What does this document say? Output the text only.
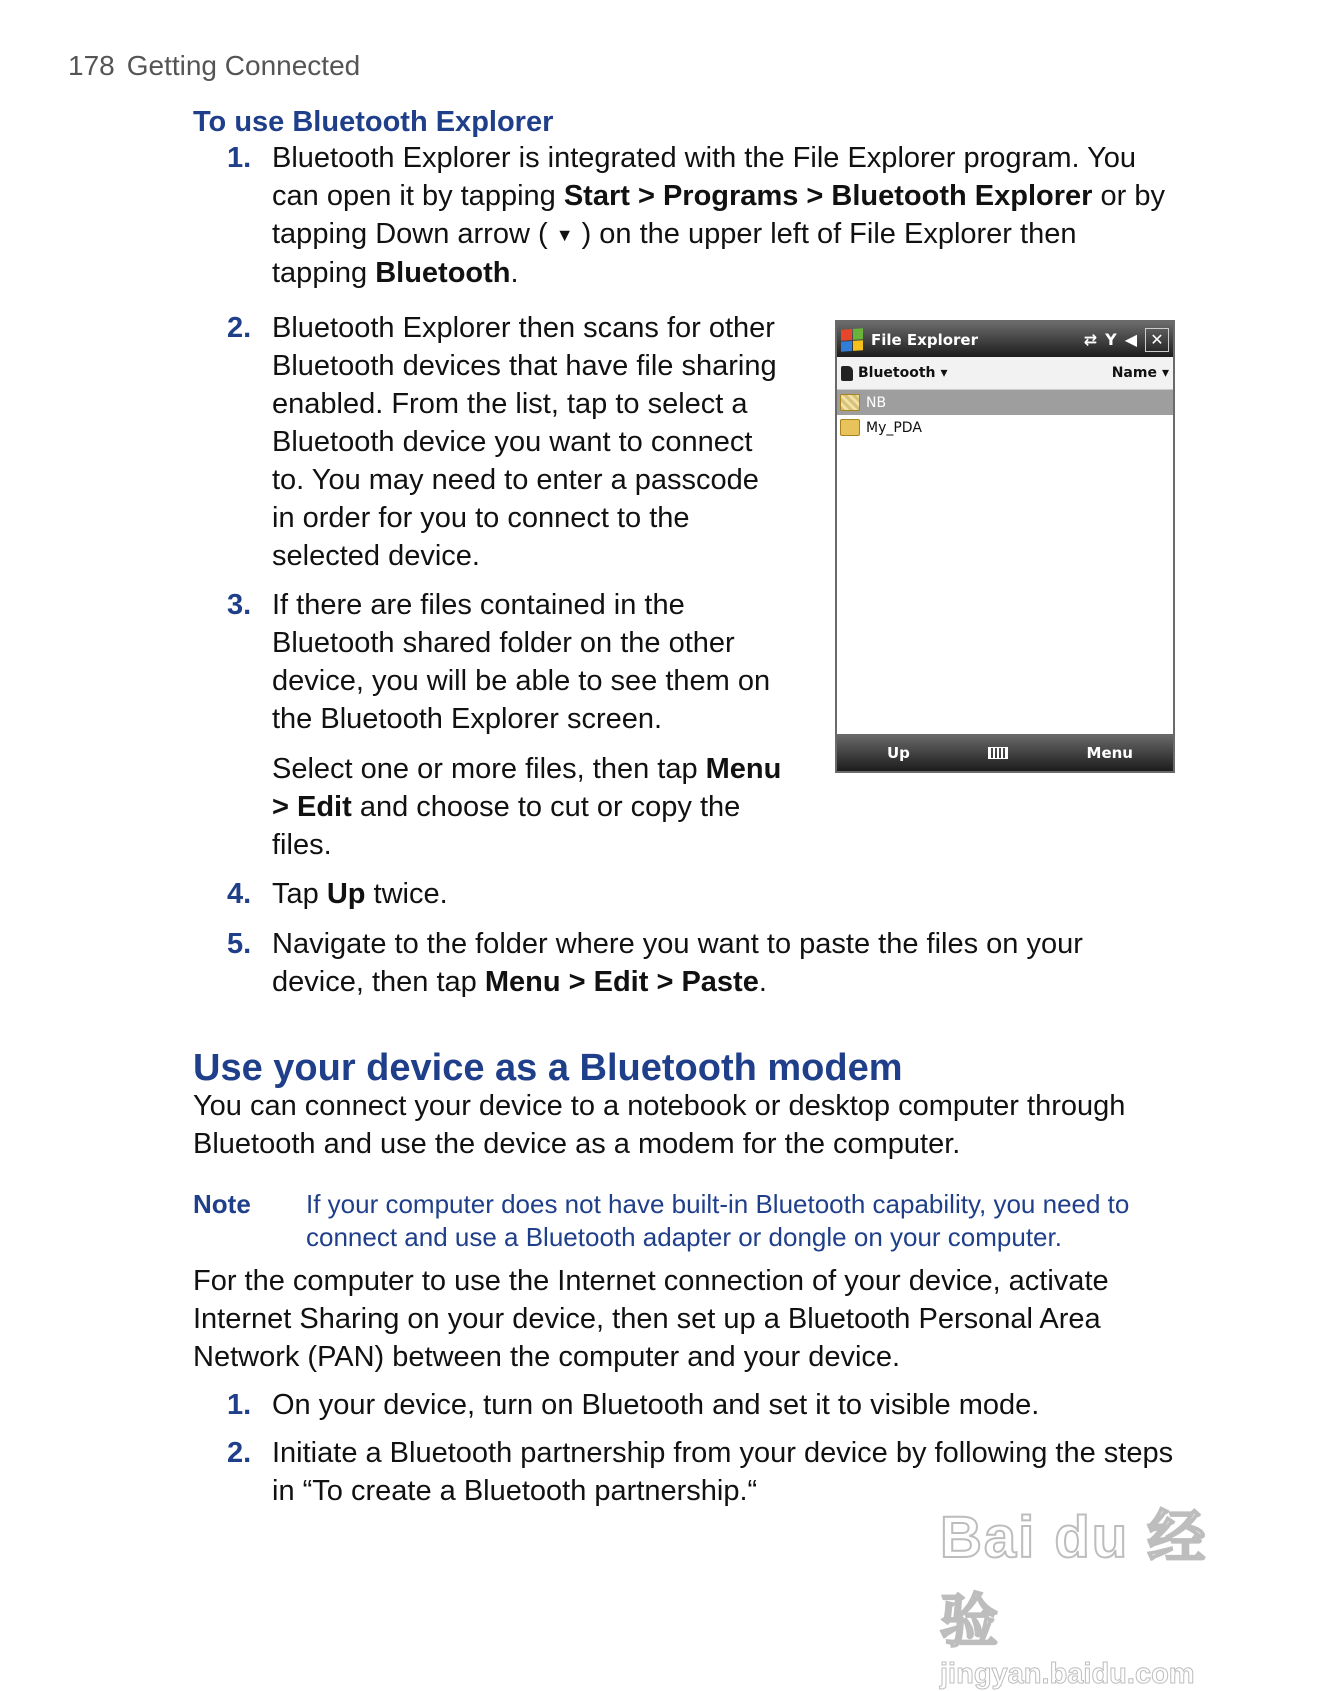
178 Getting Connected
To use Bluetooth Explorer
1. Bluetooth Explorer is integrated with the File Explorer program. You can open it by tapping Start > Programs > Bluetooth Explorer or by tapping Down arrow ( ▼ ) on the upper left of File Explorer then tapping Bluetooth.
2. Bluetooth Explorer then scans for other Bluetooth devices that have file sharing enabled. From the list, tap to select a Bluetooth device you want to connect to. You may need to enter a passcode in order for you to connect to the selected device.
3. If there are files contained in the Bluetooth shared folder on the other device, you will be able to see them on the Bluetooth Explorer screen.
Select one or more files, then tap Menu > Edit and choose to cut or copy the files.
4. Tap Up twice.
5. Navigate to the folder where you want to paste the files on your device, then tap Menu > Edit > Paste.
File Explorer	⇄ Y ◀ ✕
Bluetooth ▾	Name ▾
NB
My_PDA
Up	Menu
Use your device as a Bluetooth modem
You can connect your device to a notebook or desktop computer through Bluetooth and use the device as a modem for the computer.
Note If your computer does not have built-in Bluetooth capability, you need to connect and use a Bluetooth adapter or dongle on your computer.
For the computer to use the Internet connection of your device, activate Internet Sharing on your device, then set up a Bluetooth Personal Area Network (PAN) between the computer and your device.
1. On your device, turn on Bluetooth and set it to visible mode.
2. Initiate a Bluetooth partnership from your device by following the steps in “To create a Bluetooth partnership.“
Bai du 经验
jingyan.baidu.com
